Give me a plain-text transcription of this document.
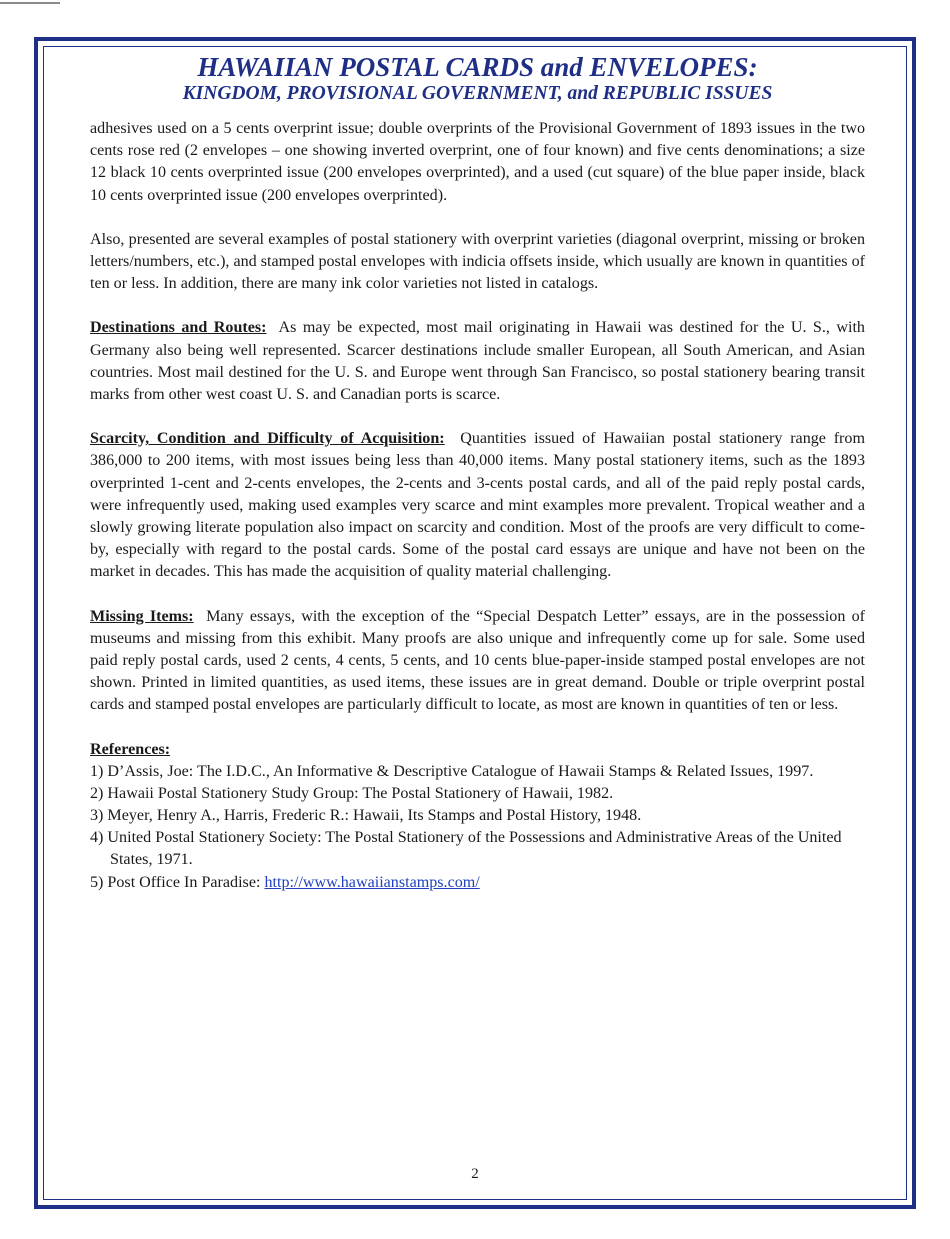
HAWAIIAN POSTAL CARDS and ENVELOPES:
KINGDOM, PROVISIONAL GOVERNMENT, and REPUBLIC ISSUES

adhesives used on a 5 cents overprint issue; double overprints of the Provisional Government of 1893 issues in the two cents rose red (2 envelopes – one showing inverted overprint, one of four known) and five cents denominations; a size 12 black 10 cents overprinted issue (200 envelopes overprinted), and a used (cut square) of the blue paper inside, black 10 cents overprinted issue (200 envelopes overprinted).

Also, presented are several examples of postal stationery with overprint varieties (diagonal overprint, missing or broken letters/numbers, etc.), and stamped postal envelopes with indicia offsets inside, which usually are known in quantities of ten or less. In addition, there are many ink color varieties not listed in catalogs.

Destinations and Routes: As may be expected, most mail originating in Hawaii was destined for the U. S., with Germany also being well represented. Scarcer destinations include smaller European, all South American, and Asian countries. Most mail destined for the U. S. and Europe went through San Francisco, so postal stationery bearing transit marks from other west coast U. S. and Canadian ports is scarce.

Scarcity, Condition and Difficulty of Acquisition: Quantities issued of Hawaiian postal stationery range from 386,000 to 200 items, with most issues being less than 40,000 items. Many postal stationery items, such as the 1893 overprinted 1-cent and 2-cents envelopes, the 2-cents and 3-cents postal cards, and all of the paid reply postal cards, were infrequently used, making used examples very scarce and mint examples more prevalent. Tropical weather and a slowly growing literate population also impact on scarcity and condition. Most of the proofs are very difficult to come-by, especially with regard to the postal cards. Some of the postal card essays are unique and have not been on the market in decades. This has made the acquisition of quality material challenging.

Missing Items: Many essays, with the exception of the “Special Despatch Letter” essays, are in the possession of museums and missing from this exhibit. Many proofs are also unique and infrequently come up for sale. Some used paid reply postal cards, used 2 cents, 4 cents, 5 cents, and 10 cents blue-paper-inside stamped postal envelopes are not shown. Printed in limited quantities, as used items, these issues are in great demand. Double or triple overprint postal cards and stamped postal envelopes are particularly difficult to locate, as most are known in quantities of ten or less.

References:
1) D’Assis, Joe: The I.D.C., An Informative & Descriptive Catalogue of Hawaii Stamps & Related Issues, 1997.
2) Hawaii Postal Stationery Study Group: The Postal Stationery of Hawaii, 1982.
3) Meyer, Henry A., Harris, Frederic R.: Hawaii, Its Stamps and Postal History, 1948.
4) United Postal Stationery Society: The Postal Stationery of the Possessions and Administrative Areas of the United States, 1971.
5) Post Office In Paradise: http://www.hawaiianstamps.com/
2
